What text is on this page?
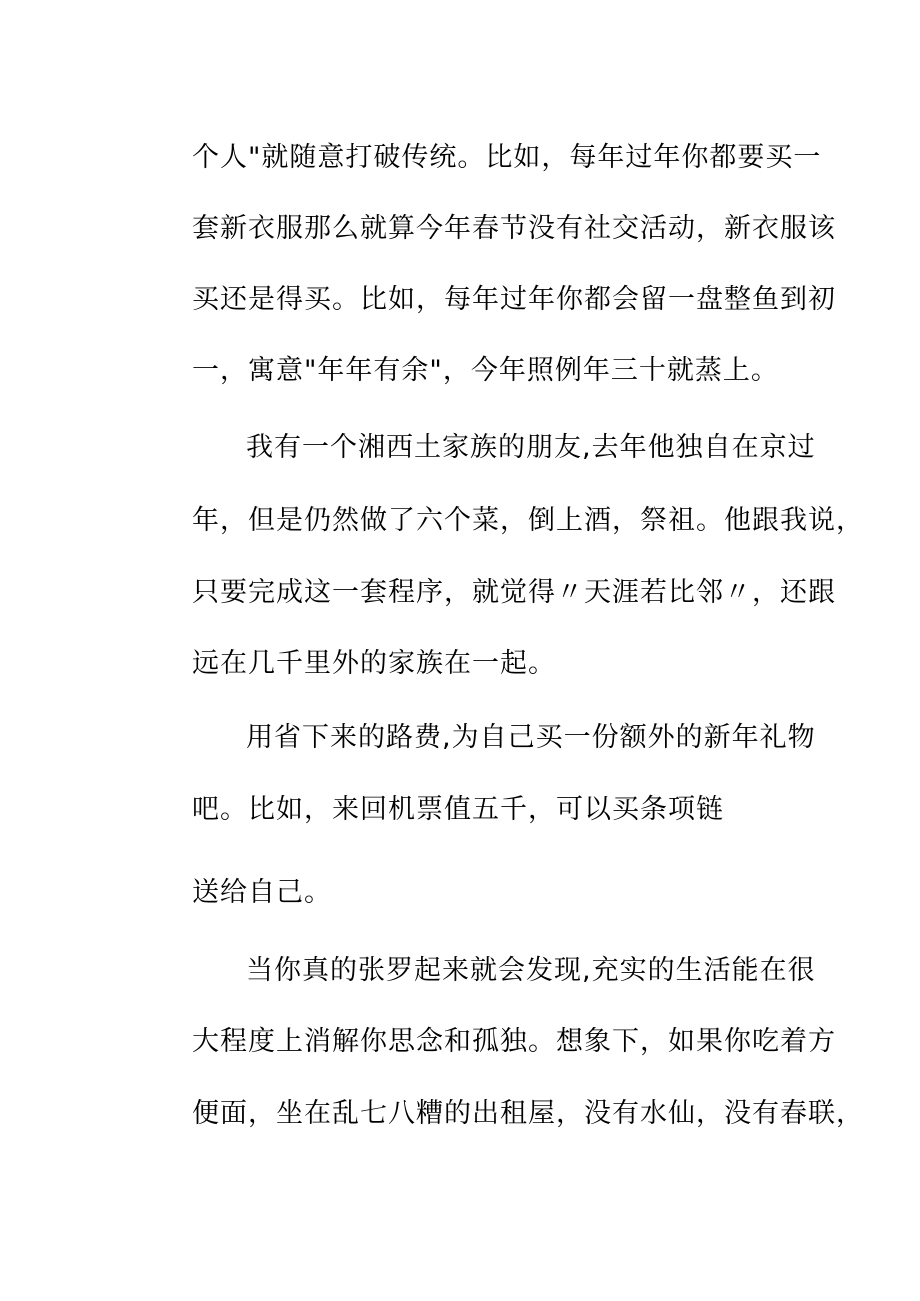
个人"就随意打破传统。比如，每年过年你都要买一
套新衣服那么就算今年春节没有社交活动，新衣服该
买还是得买。比如，每年过年你都会留一盘整鱼到初
一，寓意"年年有余"，今年照例年三十就蒸上。
我有一个湘西土家族的朋友,去年他独自在京过
年，但是仍然做了六个菜，倒上酒，祭祖。他跟我说，
只要完成这一套程序，就觉得〃天涯若比邻〃，还跟
远在几千里外的家族在一起。
用省下来的路费,为自己买一份额外的新年礼物
吧。比如，来回机票值五千，可以买条项链
送给自己。
当你真的张罗起来就会发现,充实的生活能在很
大程度上消解你思念和孤独。想象下，如果你吃着方
便面，坐在乱七八糟的出租屋，没有水仙，没有春联，
